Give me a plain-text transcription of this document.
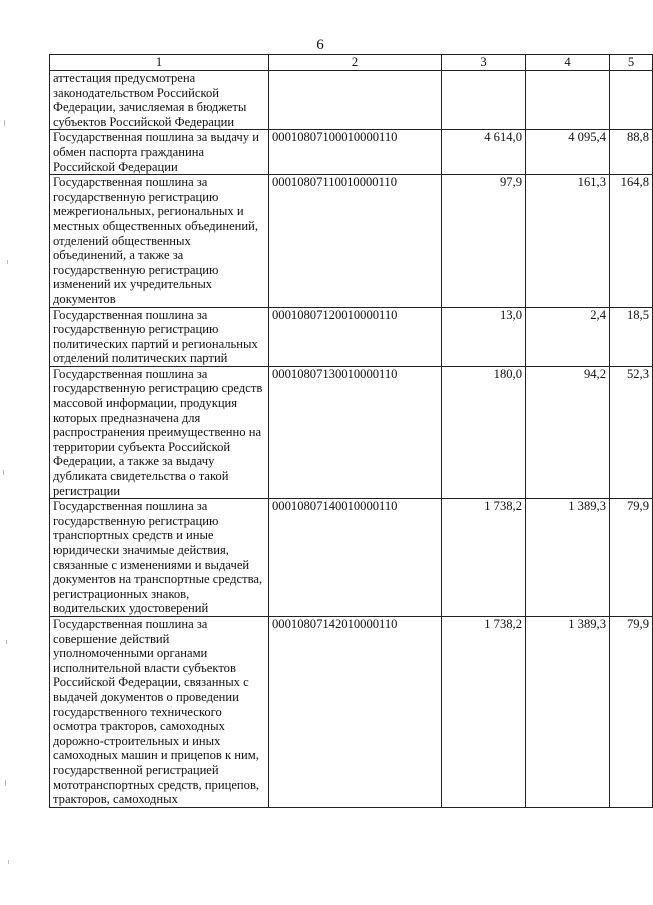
6
1	2	3	4	5
аттестация предусмотрена законодательством Российской Федерации, зачисляемая в бюджеты субъектов Российской Федерации				
Государственная пошлина за выдачу и обмен паспорта гражданина Российской Федерации	00010807100010000110	4 614,0	4 095,4	88,8
Государственная пошлина за государственную регистрацию межрегиональных, региональных и местных общественных объединений, отделений общественных объединений, а также за государственную регистрацию изменений их учредительных документов	00010807110010000110	97,9	161,3	164,8
Государственная пошлина за государственную регистрацию политических партий и региональных отделений политических партий	00010807120010000110	13,0	2,4	18,5
Государственная пошлина за государственную регистрацию средств массовой информации, продукция которых предназначена для распространения преимущественно на территории субъекта Российской Федерации, а также за выдачу дубликата свидетельства о такой регистрации	00010807130010000110	180,0	94,2	52,3
Государственная пошлина за государственную регистрацию транспортных средств и иные юридически значимые действия, связанные с изменениями и выдачей документов на транспортные средства, регистрационных знаков, водительских удостоверений	00010807140010000110	1 738,2	1 389,3	79,9
Государственная пошлина за совершение действий уполномоченными органами исполнительной власти субъектов Российской Федерации, связанных с выдачей документов о проведении государственного технического осмотра тракторов, самоходных дорожно-строительных и иных самоходных машин и прицепов к ним, государственной регистрацией мототранспортных средств, прицепов, тракторов, самоходных	00010807142010000110	1 738,2	1 389,3	79,9
